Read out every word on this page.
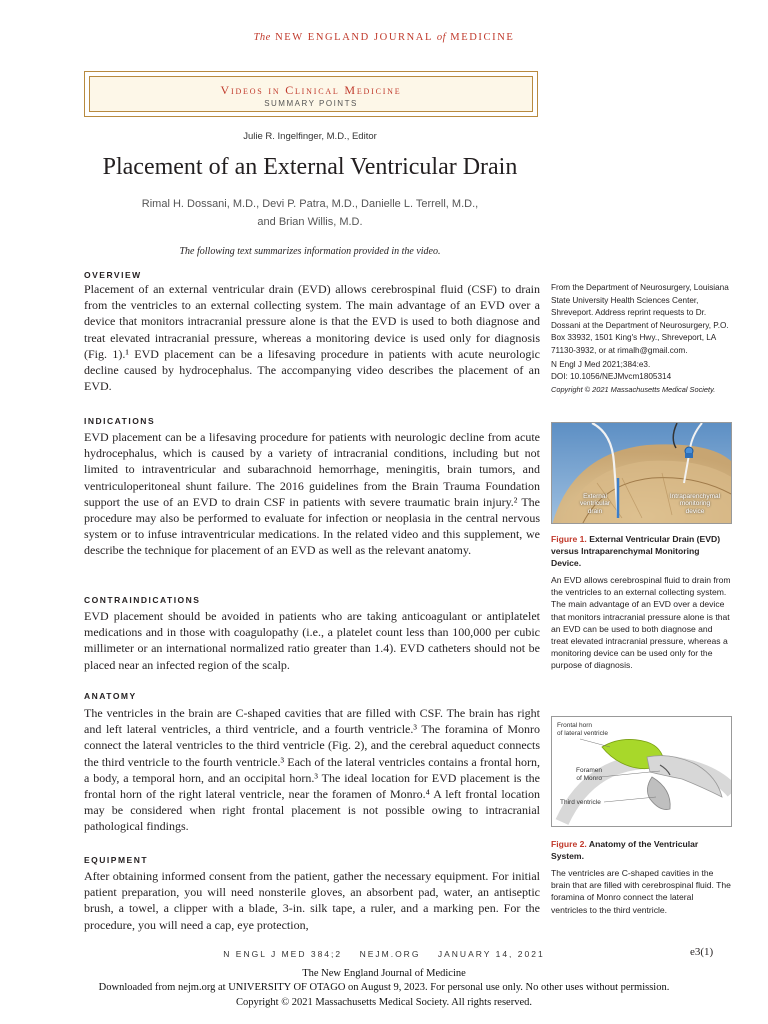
The NEW ENGLAND JOURNAL of MEDICINE
Videos in Clinical Medicine
SUMMARY POINTS
Julie R. Ingelfinger, M.D., Editor
Placement of an External Ventricular Drain
Rimal H. Dossani, M.D., Devi P. Patra, M.D., Danielle L. Terrell, M.D.,
and Brian Willis, M.D.
The following text summarizes information provided in the video.
OVERVIEW

Placement of an external ventricular drain (EVD) allows cerebrospinal fluid (CSF) to drain from the ventricles to an external collecting system. The main advantage of an EVD over a device that monitors intracranial pressure alone is that the EVD is used to both diagnose and treat elevated intracranial pressure, whereas a monitoring device is used only for diagnosis (Fig. 1).¹ EVD placement can be a lifesaving procedure in patients with acute neurologic decline caused by hydrocephalus. The accompanying video describes the placement of an EVD.

INDICATIONS

EVD placement can be a lifesaving procedure for patients with neurologic decline from acute hydrocephalus, which is caused by a variety of intracranial conditions, including but not limited to intraventricular and subarachnoid hemorrhage, meningitis, brain tumors, and ventriculoperitoneal shunt failure. The 2016 guidelines from the Brain Trauma Foundation support the use of an EVD to drain CSF in patients with severe traumatic brain injury.² The procedure may also be performed to evaluate for infection or neoplasia in the central nervous system or to infuse intraventricular medications. In the related video and this supplement, we describe the technique for placement of an EVD as well as the relevant anatomy.

CONTRAINDICATIONS

EVD placement should be avoided in patients who are taking anticoagulant or antiplatelet medications and in those with coagulopathy (i.e., a platelet count less than 100,000 per cubic millimeter or an international normalized ratio greater than 1.4). EVD catheters should not be placed near an infected region of the scalp.

ANATOMY

The ventricles in the brain are C-shaped cavities that are filled with CSF. The brain has right and left lateral ventricles, a third ventricle, and a fourth ventricle.³ The foramina of Monro connect the lateral ventricles to the third ventricle (Fig. 2), and the cerebral aqueduct connects the third ventricle to the fourth ventricle.³ Each of the lateral ventricles contains a frontal horn, a body, a temporal horn, and an occipital horn.³ The ideal location for EVD placement is the frontal horn of the right lateral ventricle, near the foramen of Monro.⁴ A left frontal location may be considered when right frontal placement is not possible owing to intracranial pathological findings.

EQUIPMENT

After obtaining informed consent from the patient, gather the necessary equipment. For initial patient preparation, you will need nonsterile gloves, an absorbent pad, water, an antiseptic brush, a towel, a clipper with a blade, 3-in. silk tape, a ruler, and a marking pen. For the procedure, you will need a cap, eye protection,

From the Department of Neurosurgery, Louisiana State University Health Sciences Center, Shreveport. Address reprint requests to Dr. Dossani at the Department of Neurosurgery, P.O. Box 33932, 1501 King's Hwy., Shreveport, LA 71130-3932, or at rimalh@gmail.com.
N Engl J Med 2021;384:e3.
DOI: 10.1056/NEJMvcm1805314
Copyright © 2021 Massachusetts Medical Society.
External
ventricular
drain
Intraparenchymal
monitoring
device
Figure 1. External Ventricular Drain (EVD) versus Intraparenchymal Monitoring Device.
An EVD allows cerebrospinal fluid to drain from the ventricles to an external collecting system. The main advantage of an EVD over a device that monitors intracranial pressure alone is that an EVD can be used to both diagnose and treat elevated intracranial pressure, whereas a monitoring device can be used only for the purpose of diagnosis.
Frontal horn
of lateral ventricle
Foramen
of Monro
Third ventricle
Figure 2. Anatomy of the Ventricular System.
The ventricles are C-shaped cavities in the brain that are filled with cerebrospinal fluid. The foramina of Monro connect the lateral ventricles to the third ventricle.
N ENGL J MED 384;2    NEJM.ORG    JANUARY 14, 2021	e3(1)
The New England Journal of Medicine
Downloaded from nejm.org at UNIVERSITY OF OTAGO on August 9, 2023. For personal use only. No other uses without permission.
Copyright © 2021 Massachusetts Medical Society. All rights reserved.
